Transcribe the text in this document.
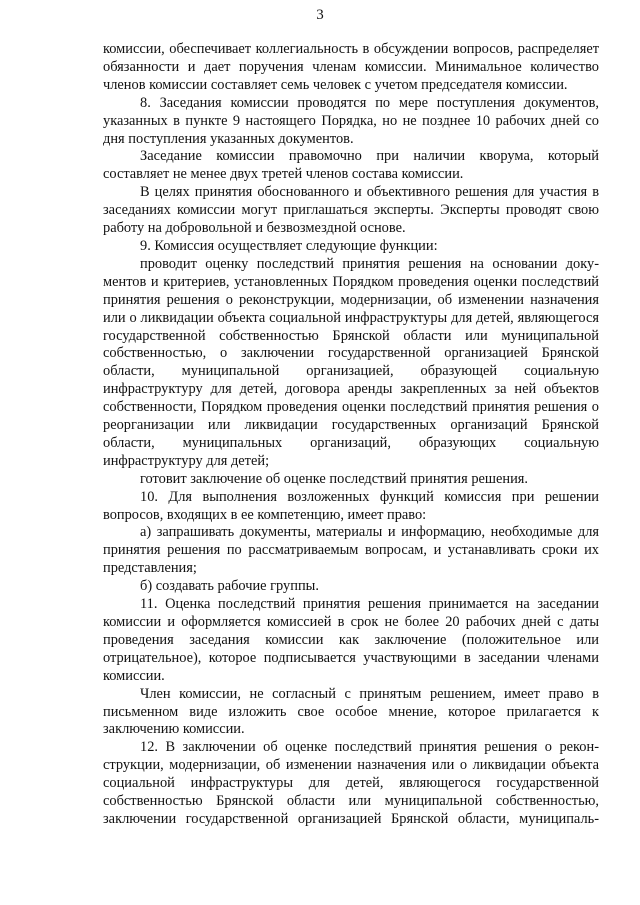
3

комиссии, обеспечивает коллегиальность в обсуждении вопросов, распределяет обязанности и дает поручения членам комиссии. Минимальное количество членов комиссии составляет семь человек с учетом председателя комиссии.

8. Заседания комиссии проводятся по мере поступления документов, указанных в пункте 9 настоящего Порядка, но не позднее 10 рабочих дней со дня поступления указанных документов.

Заседание комиссии правомочно при наличии кворума, который составляет не менее двух третей членов состава комиссии.

В целях принятия обоснованного и объективного решения для участия в заседаниях комиссии могут приглашаться эксперты. Эксперты проводят свою работу на добровольной и безвозмездной основе.

9. Комиссия осуществляет следующие функции:

проводит оценку последствий принятия решения на основании документов и критериев, установленных Порядком проведения оценки последствий принятия решения о реконструкции, модернизации, об изменении назначения или о ликвидации объекта социальной инфраструктуры для детей, являющегося государственной собственностью Брянской области или муниципальной собственностью, о заключении государственной организацией Брянской области, муниципальной организацией, образующей социальную инфраструктуру для детей, договора аренды закрепленных за ней объектов собственности, Порядком проведения оценки последствий принятия решения о реорганизации или ликвидации государственных организаций Брянской области, муниципальных организаций, образующих социальную инфраструктуру для детей;

готовит заключение об оценке последствий принятия решения.

10. Для выполнения возложенных функций комиссия при решении вопросов, входящих в ее компетенцию, имеет право:

а) запрашивать документы, материалы и информацию, необходимые для принятия решения по рассматриваемым вопросам, и устанавливать сроки их представления;

б) создавать рабочие группы.

11. Оценка последствий принятия решения принимается на заседании комиссии и оформляется комиссией в срок не более 20 рабочих дней с даты проведения заседания комиссии как заключение (положительное или отрицательное), которое подписывается участвующими в заседании членами комиссии.

Член комиссии, не согласный с принятым решением, имеет право в письменном виде изложить свое особое мнение, которое прилагается к заключению комиссии.

12. В заключении об оценке последствий принятия решения о реконструкции, модернизации, об изменении назначения или о ликвидации объекта социальной инфраструктуры для детей, являющегося государственной собственностью Брянской области или муниципальной собственностью, заключении государственной организацией Брянской области, муниципаль-
